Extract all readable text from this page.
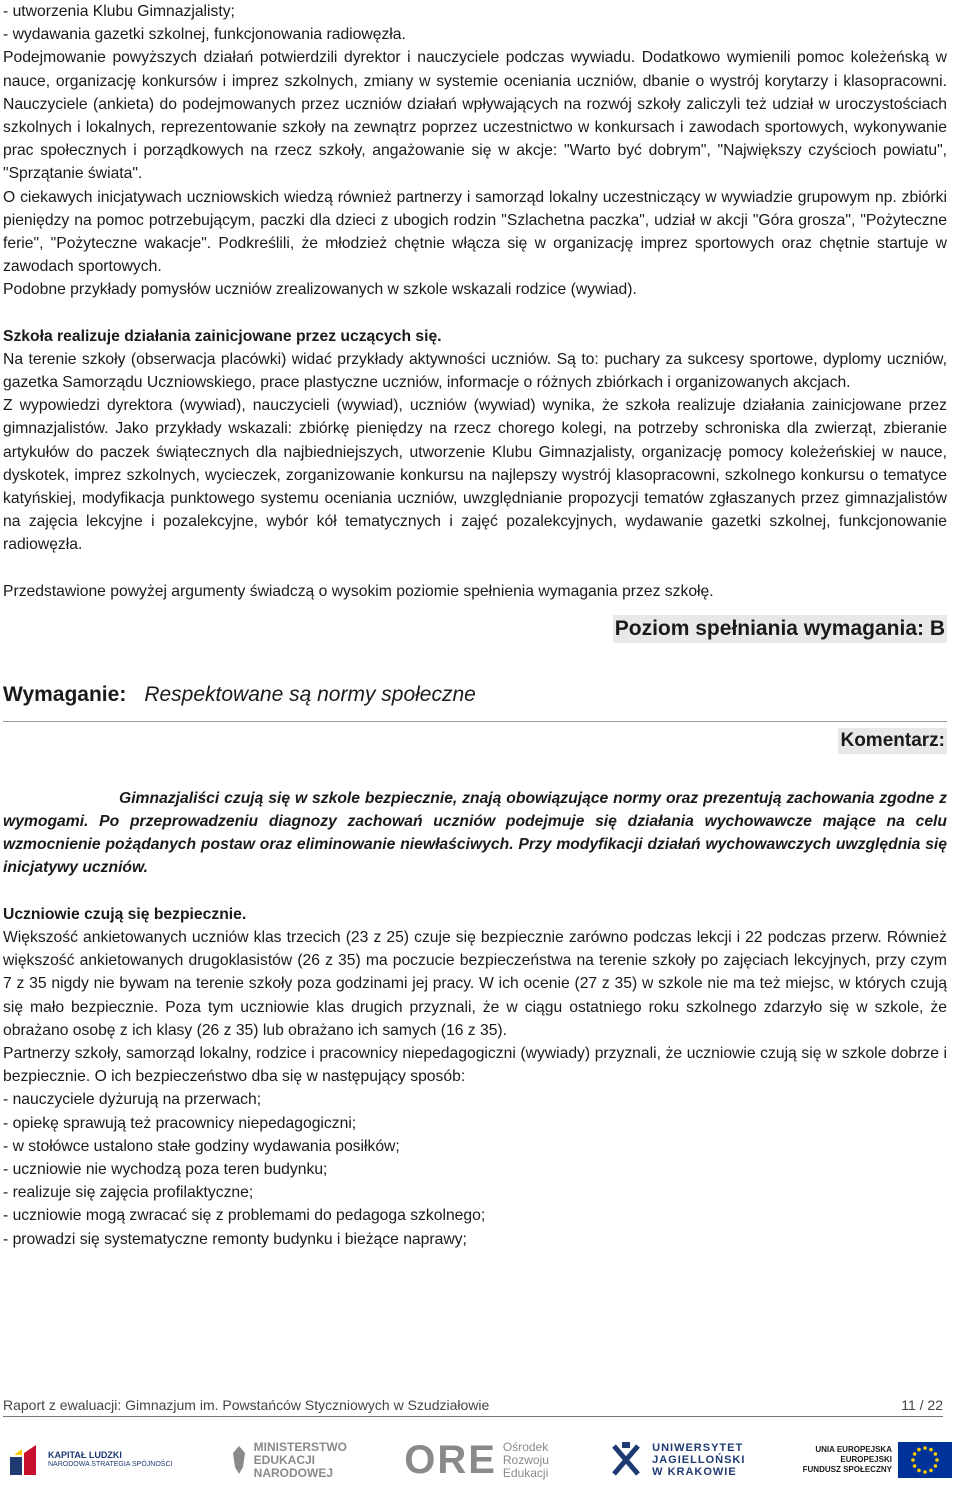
- utworzenia Klubu Gimnazjalisty;

- wydawania gazetki szkolnej, funkcjonowania radiowęzła.

Podejmowanie powyższych działań potwierdzili dyrektor i nauczyciele podczas wywiadu. Dodatkowo wymienili pomoc koleżeńską w nauce, organizację konkursów i imprez szkolnych, zmiany w systemie oceniania uczniów, dbanie o wystrój korytarzy i klasopracowni. Nauczyciele (ankieta) do podejmowanych przez uczniów działań wpływających na rozwój szkoły zaliczyli też udział w uroczystościach szkolnych i lokalnych, reprezentowanie szkoły na zewnątrz poprzez uczestnictwo w konkursach i zawodach sportowych, wykonywanie prac społecznych i porządkowych na rzecz szkoły, angażowanie się w akcje: "Warto być dobrym", "Największy czyścioch powiatu", "Sprzątanie świata".

O ciekawych inicjatywach uczniowskich wiedzą również partnerzy i samorząd lokalny uczestniczący w wywiadzie grupowym np. zbiórki pieniędzy na pomoc potrzebującym, paczki dla dzieci z ubogich rodzin "Szlachetna paczka", udział w akcji "Góra grosza", "Pożyteczne ferie", "Pożyteczne wakacje". Podkreślili, że młodzież chętnie włącza się w organizację imprez sportowych oraz chętnie startuje w zawodach sportowych.

Podobne przykłady pomysłów uczniów zrealizowanych w szkole wskazali rodzice (wywiad).

Szkoła realizuje działania zainicjowane przez uczących się.

Na terenie szkoły (obserwacja placówki) widać przykłady aktywności uczniów. Są to: puchary za sukcesy sportowe, dyplomy uczniów, gazetka Samorządu Uczniowskiego, prace plastyczne uczniów, informacje o różnych zbiórkach i organizowanych akcjach.

Z wypowiedzi dyrektora (wywiad), nauczycieli (wywiad), uczniów (wywiad) wynika, że szkoła realizuje działania zainicjowane przez gimnazjalistów. Jako przykłady wskazali: zbiórkę pieniędzy na rzecz chorego kolegi, na potrzeby schroniska dla zwierząt, zbieranie artykułów do paczek świątecznych dla najbiedniejszych, utworzenie Klubu Gimnazjalisty, organizację pomocy koleżeńskiej w nauce, dyskotek, imprez szkolnych, wycieczek, zorganizowanie konkursu na najlepszy wystrój klasopracowni, szkolnego konkursu o tematyce katyńskiej, modyfikacja punktowego systemu oceniania uczniów, uwzględnianie propozycji tematów zgłaszanych przez gimnazjalistów na zajęcia lekcyjne i pozalekcyjne, wybór kół tematycznych i zajęć pozalekcyjnych, wydawanie gazetki szkolnej, funkcjonowanie radiowęzła.

Przedstawione powyżej argumenty świadczą o wysokim poziomie spełnienia wymagania przez szkołę.

Poziom spełniania wymagania: B
Wymaganie: Respektowane są normy społeczne
Komentarz:

Gimnazjaliści czują się w szkole bezpiecznie, znają obowiązujące normy oraz prezentują zachowania zgodne z wymogami. Po przeprowadzeniu diagnozy zachowań uczniów podejmuje się działania wychowawcze mające na celu wzmocnienie pożądanych postaw oraz eliminowanie niewłaściwych. Przy modyfikacji działań wychowawczych uwzględnia się inicjatywy uczniów.

Uczniowie czują się bezpiecznie.

Większość ankietowanych uczniów klas trzecich (23 z 25) czuje się bezpiecznie zarówno podczas lekcji i 22 podczas przerw. Również większość ankietowanych drugoklasistów (26 z 35) ma poczucie bezpieczeństwa na terenie szkoły po zajęciach lekcyjnych, przy czym 7 z 35 nigdy nie bywam na terenie szkoły poza godzinami jej pracy. W ich ocenie (27 z 35) w szkole nie ma też miejsc, w których czują się mało bezpiecznie. Poza tym uczniowie klas drugich przyznali, że w ciągu ostatniego roku szkolnego zdarzyło się w szkole, że obrażano osobę z ich klasy (26 z 35) lub obrażano ich samych (16 z 35).

Partnerzy szkoły, samorząd lokalny, rodzice i pracownicy niepedagogiczni (wywiady) przyznali, że uczniowie czują się w szkole dobrze i bezpiecznie. O ich bezpieczeństwo dba się w następujący sposób:

- nauczyciele dyżurują na przerwach;

- opiekę sprawują też pracownicy niepedagogiczni;

- w stołówce ustalono stałe godziny wydawania posiłków;

- uczniowie nie wychodzą poza teren budynku;

- realizuje się zajęcia profilaktyczne;

- uczniowie mogą zwracać się z problemami do pedagoga szkolnego;

- prowadzi się systematyczne remonty budynku i bieżące naprawy;

Raport z ewaluacji: Gimnazjum im. Powstańców Styczniowych w Szudziałowie	11 / 22
KAPITAŁ LUDZKI
NARODOWA STRATEGIA SPÓJNOŚCI
MINISTERSTWO
EDUKACJI
NARODOWEJ	ORE Ośrodek
Rozwoju
Edukacji
UNIWERSYTET
JAGIELLOŃSKI
W KRAKOWIE
UNIA EUROPEJSKA
EUROPEJSKI
FUNDUSZ SPOŁECZNY
